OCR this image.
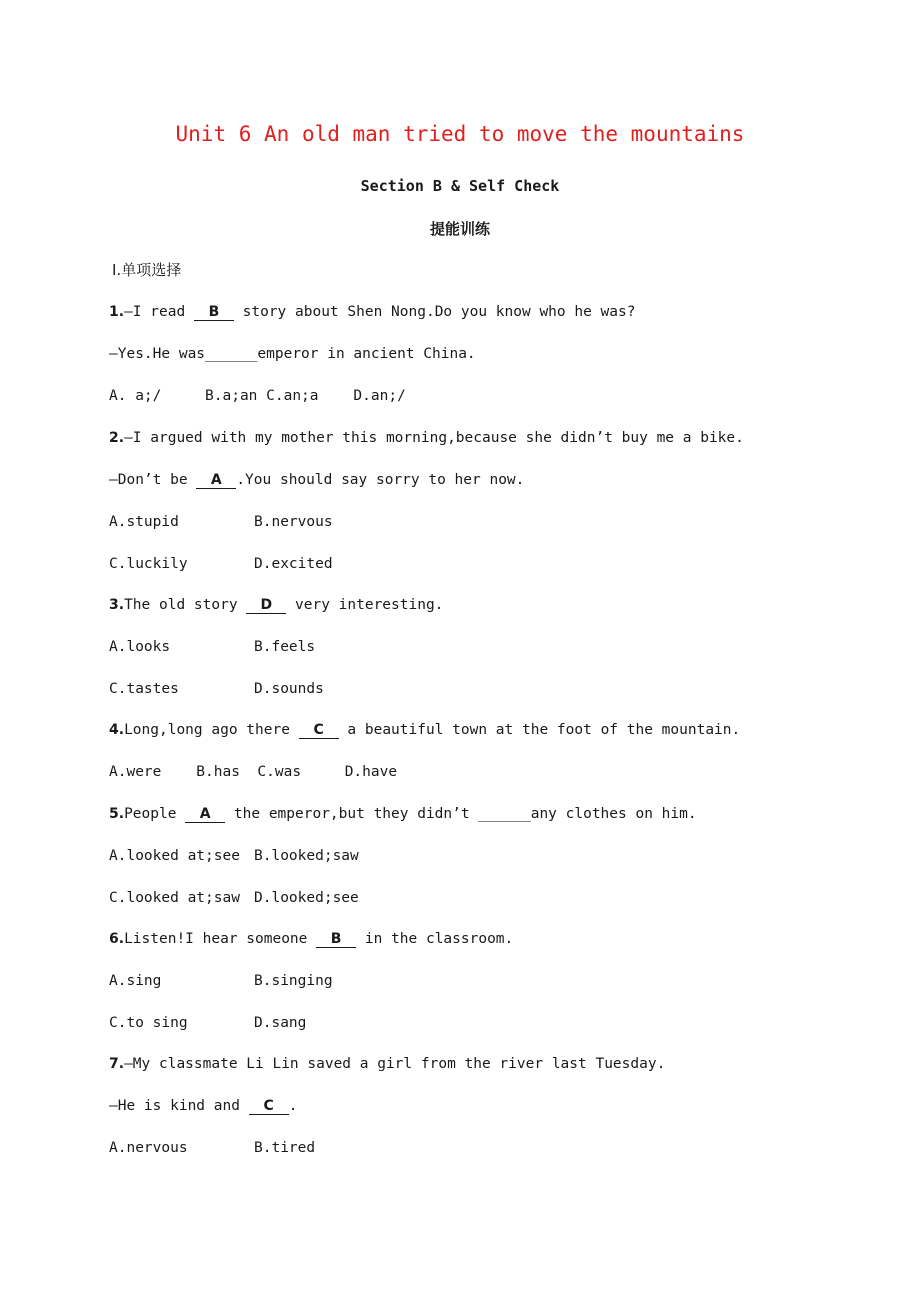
Unit 6 An old man tried to move the mountains
Section B & Self Check
提能训练
Ⅰ.单项选择
1.—I read B story about Shen Nong.Do you know who he was?
—Yes.He was______emperor in ancient China.
A. a;/     B.a;an C.an;a    D.an;/
2.—I argued with my mother this morning,because she didn’t buy me a bike.
—Don’t be A .You should say sorry to her now.
A.stupid	B.nervous
C.luckily	D.excited
3.The old story D very interesting.
A.looks	B.feels
C.tastes	D.sounds
4.Long,long ago there C a beautiful town at the foot of the mountain.
A.were    B.has  C.was     D.have
5.People A the emperor,but they didn’t ______any clothes on him.
A.looked at;see B.looked;saw
C.looked at;saw D.looked;see
6.Listen!I hear someone B in the classroom.
A.sing	B.singing
C.to sing	D.sang
7.—My classmate Li Lin saved a girl from the river last Tuesday.
—He is kind and C .
A.nervous	B.tired
